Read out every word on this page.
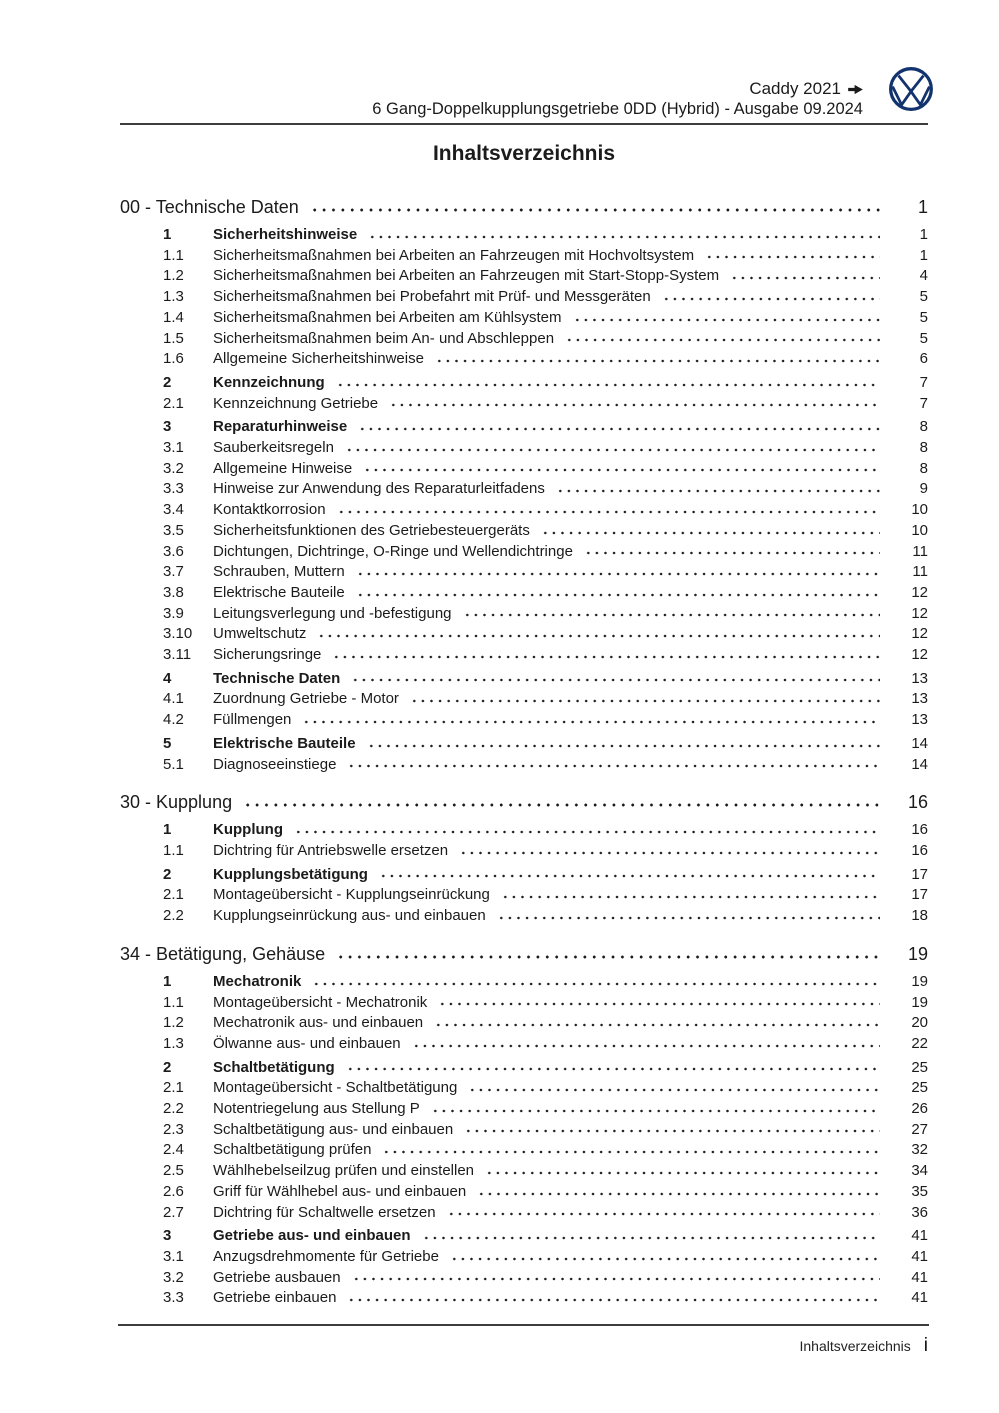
Caddy 2021
6 Gang-Doppelkupplungsgetriebe 0DD (Hybrid) - Ausgabe 09.2024
Inhaltsverzeichnis
00 - Technische Daten	1
1	Sicherheitshinweise	1
1.1	Sicherheitsmaßnahmen bei Arbeiten an Fahrzeugen mit Hochvoltsystem	1
1.2	Sicherheitsmaßnahmen bei Arbeiten an Fahrzeugen mit Start-Stopp-System	4
1.3	Sicherheitsmaßnahmen bei Probefahrt mit Prüf- und Messgeräten	5
1.4	Sicherheitsmaßnahmen bei Arbeiten am Kühlsystem	5
1.5	Sicherheitsmaßnahmen beim An- und Abschleppen	5
1.6	Allgemeine Sicherheitshinweise	6
2	Kennzeichnung	7
2.1	Kennzeichnung Getriebe	7
3	Reparaturhinweise	8
3.1	Sauberkeitsregeln	8
3.2	Allgemeine Hinweise	8
3.3	Hinweise zur Anwendung des Reparaturleitfadens	9
3.4	Kontaktkorrosion	10
3.5	Sicherheitsfunktionen des Getriebesteuergeräts	10
3.6	Dichtungen, Dichtringe, O-Ringe und Wellendichtringe	11
3.7	Schrauben, Muttern	11
3.8	Elektrische Bauteile	12
3.9	Leitungsverlegung und -befestigung	12
3.10	Umweltschutz	12
3.11	Sicherungsringe	12
4	Technische Daten	13
4.1	Zuordnung Getriebe - Motor	13
4.2	Füllmengen	13
5	Elektrische Bauteile	14
5.1	Diagnoseeinstiege	14
30 - Kupplung	16
1	Kupplung	16
1.1	Dichtring für Antriebswelle ersetzen	16
2	Kupplungsbetätigung	17
2.1	Montageübersicht - Kupplungseinrückung	17
2.2	Kupplungseinrückung aus- und einbauen	18
34 - Betätigung, Gehäuse	19
1	Mechatronik	19
1.1	Montageübersicht - Mechatronik	19
1.2	Mechatronik aus- und einbauen	20
1.3	Ölwanne aus- und einbauen	22
2	Schaltbetätigung	25
2.1	Montageübersicht - Schaltbetätigung	25
2.2	Notentriegelung aus Stellung P	26
2.3	Schaltbetätigung aus- und einbauen	27
2.4	Schaltbetätigung prüfen	32
2.5	Wählhebelseilzug prüfen und einstellen	34
2.6	Griff für Wählhebel aus- und einbauen	35
2.7	Dichtring für Schaltwelle ersetzen	36
3	Getriebe aus- und einbauen	41
3.1	Anzugsdrehmomente für Getriebe	41
3.2	Getriebe ausbauen	41
3.3	Getriebe einbauen	41
Inhaltsverzeichnis i
